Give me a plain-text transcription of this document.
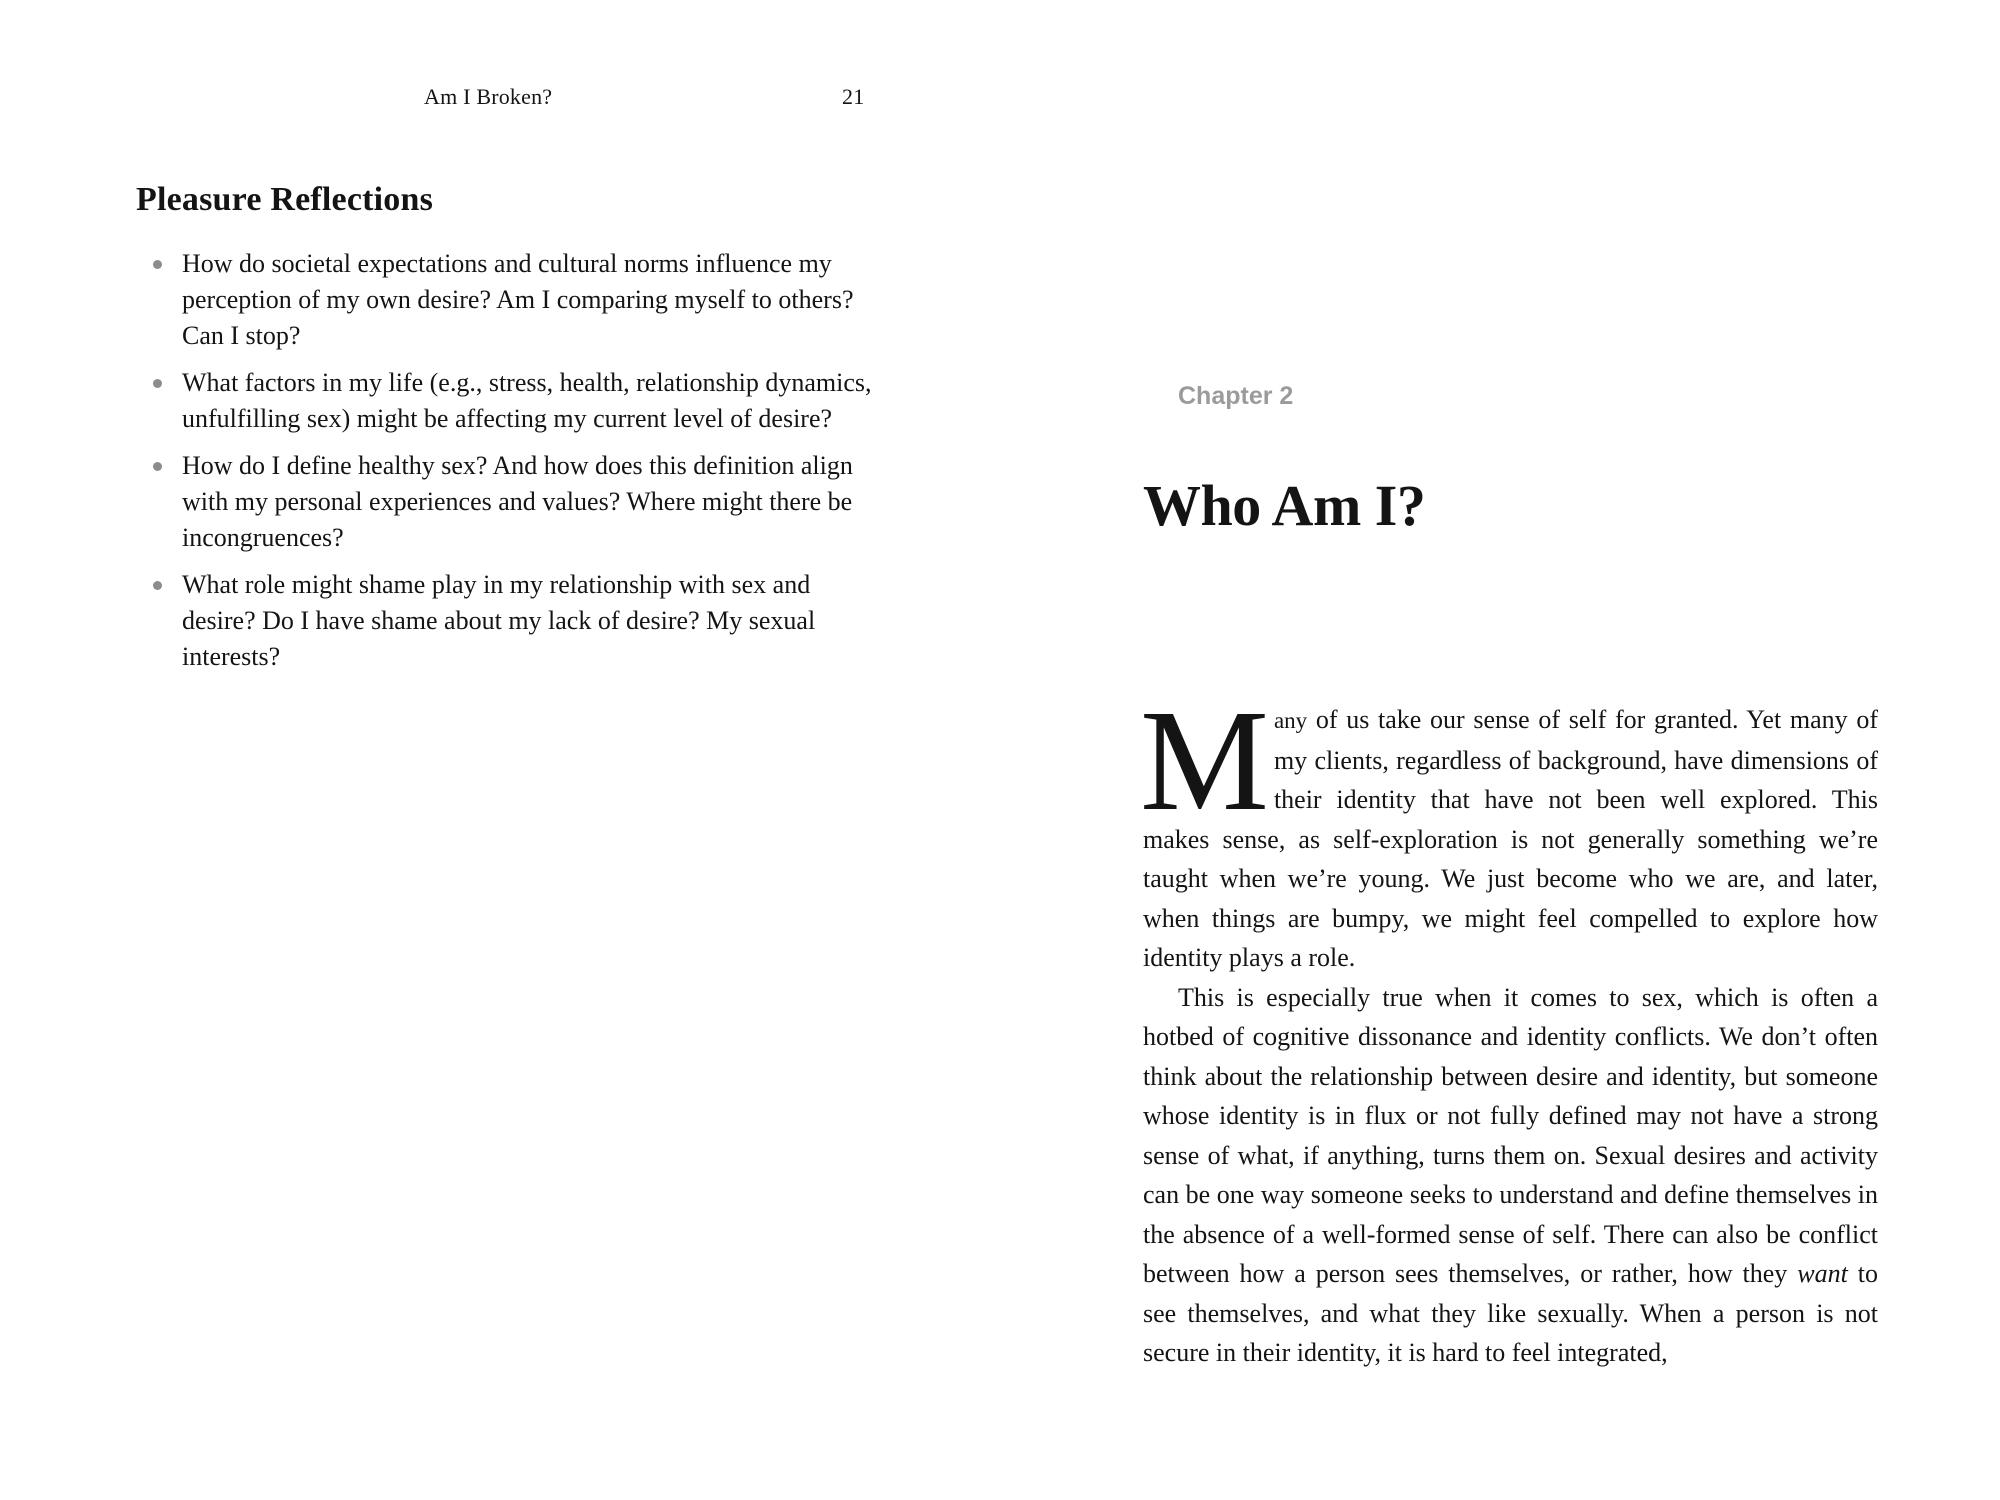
Am I Broken?	21
Pleasure Reflections
How do societal expectations and cultural norms influence my perception of my own desire? Am I comparing myself to others? Can I stop?
What factors in my life (e.g., stress, health, relationship dynamics, unfulfilling sex) might be affecting my current level of desire?
How do I define healthy sex? And how does this definition align with my personal experiences and values? Where might there be incongruences?
What role might shame play in my relationship with sex and desire? Do I have shame about my lack of desire? My sexual interests?
Chapter 2
Who Am I?

Many of us take our sense of self for granted. Yet many of my clients, regardless of background, have dimensions of their identity that have not been well explored. This makes sense, as self-exploration is not generally something we’re taught when we’re young. We just become who we are, and later, when things are bumpy, we might feel compelled to explore how identity plays a role.

This is especially true when it comes to sex, which is often a hotbed of cognitive dissonance and identity conflicts. We don’t often think about the relationship between desire and identity, but someone whose identity is in flux or not fully defined may not have a strong sense of what, if anything, turns them on. Sexual desires and activity can be one way someone seeks to understand and define themselves in the absence of a well-formed sense of self. There can also be conflict between how a person sees themselves, or rather, how they want to see themselves, and what they like sexually. When a person is not secure in their identity, it is hard to feel integrated,
